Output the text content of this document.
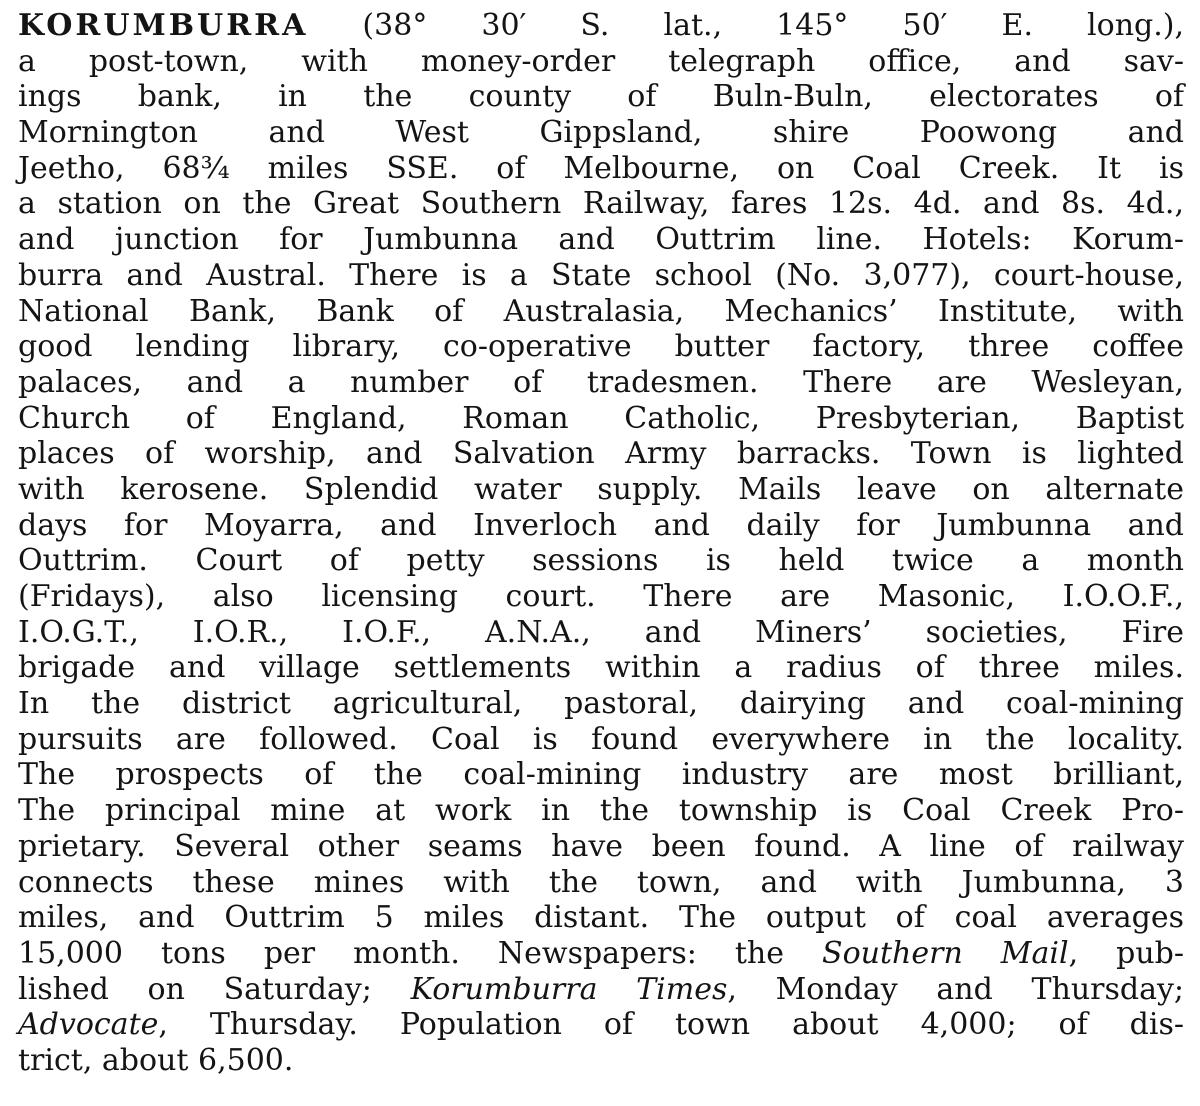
KORUMBURRA (38° 30′ S. lat., 145° 50′ E. long.),
a post-town, with money-order telegraph office, and sav-
ings bank, in the county of Buln-Buln, electorates of
Mornington and West Gippsland, shire Poowong and
Jeetho, 68¾ miles SSE. of Melbourne, on Coal Creek. It is
a station on the Great Southern Railway, fares 12s. 4d. and 8s. 4d.,
and junction for Jumbunna and Outtrim line. Hotels: Korum-
burra and Austral. There is a State school (No. 3,077), court-house,
National Bank, Bank of Australasia, Mechanics’ Institute, with
good lending library, co-operative butter factory, three coffee
palaces, and a number of tradesmen. There are Wesleyan,
Church of England, Roman Catholic, Presbyterian, Baptist
places of worship, and Salvation Army barracks. Town is lighted
with kerosene. Splendid water supply. Mails leave on alternate
days for Moyarra, and Inverloch and daily for Jumbunna and
Outtrim. Court of petty sessions is held twice a month
(Fridays), also licensing court. There are Masonic, I.O.O.F.,
I.O.G.T., I.O.R., I.O.F., A.N.A., and Miners’ societies, Fire
brigade and village settlements within a radius of three miles.
In the district agricultural, pastoral, dairying and coal-mining
pursuits are followed. Coal is found everywhere in the locality.
The prospects of the coal-mining industry are most brilliant,
The principal mine at work in the township is Coal Creek Pro-
prietary. Several other seams have been found. A line of railway
connects these mines with the town, and with Jumbunna, 3
miles, and Outtrim 5 miles distant. The output of coal averages
15,000 tons per month. Newspapers: the Southern Mail, pub-
lished on Saturday; Korumburra Times, Monday and Thursday;
Advocate, Thursday. Population of town about 4,000; of dis-
trict, about 6,500.
